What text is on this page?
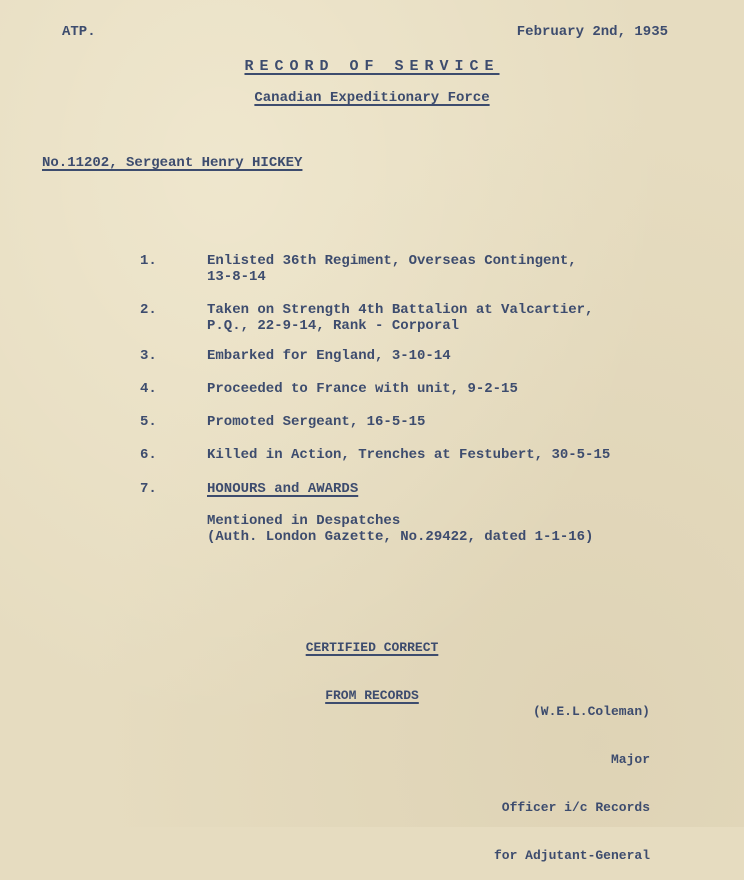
ATP.	February 2nd, 1935
RECORD OF SERVICE
Canadian Expeditionary Force
No.11202, Sergeant Henry HICKEY
1.	Enlisted 36th Regiment, Overseas Contingent,
13-8-14
2.	Taken on Strength 4th Battalion at Valcartier,
P.Q., 22-9-14, Rank - Corporal
3.	Embarked for England, 3-10-14
4.	Proceeded to France with unit, 9-2-15
5.	Promoted Sergeant, 16-5-15
6.	Killed in Action, Trenches at Festubert, 30-5-15
7.	HONOURS and AWARDS
Mentioned in Despatches
(Auth. London Gazette, No.29422, dated 1-1-16)

CERTIFIED CORRECT

FROM RECORDS

(W.E.L.Coleman)

Major

Officer i/c Records

for Adjutant-General
